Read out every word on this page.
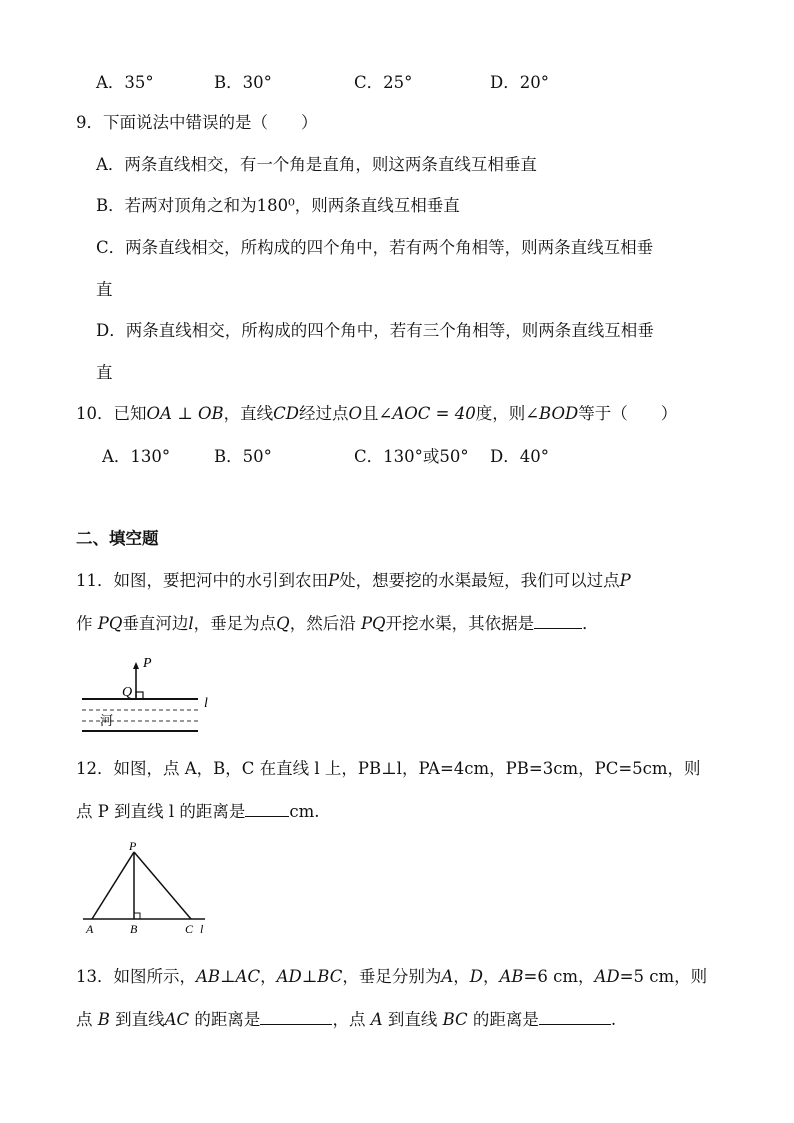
A．35°	B．30°	C．25°	D．20°
9．下面说法中错误的是（　　）
A．两条直线相交，有一个角是直角，则这两条直线互相垂直
B．若两对顶角之和为180⁰，则两条直线互相垂直
C．两条直线相交，所构成的四个角中，若有两个角相等，则两条直线互相垂
直
D．两条直线相交，所构成的四个角中，若有三个角相等，则两条直线互相垂
直
10．已知OA ⊥ OB，直线CD经过点O且∠AOC = 40度，则∠BOD等于（　　）
A．130°	B．50°	C．130°或50° D．40°
二、填空题
11．如图，要把河中的水引到农田P处，想要挖的水渠最短，我们可以过点P
作 PQ垂直河边l，垂足为点Q，然后沿 PQ开挖水渠，其依据是	．
P
Q
l
河
12．如图，点 A，B，C 在直线 l 上，PB⊥l，PA=4cm，PB=3cm，PC=5cm，则
点 P 到直线 l 的距离是	cm.
P
A	B	C l
13．如图所示，AB⊥AC，AD⊥BC，垂足分别为A，D，AB=6 cm，AD=5 cm，则
点 B 到直线AC 的距离是	，点 A 到直线 BC 的距离是	.
